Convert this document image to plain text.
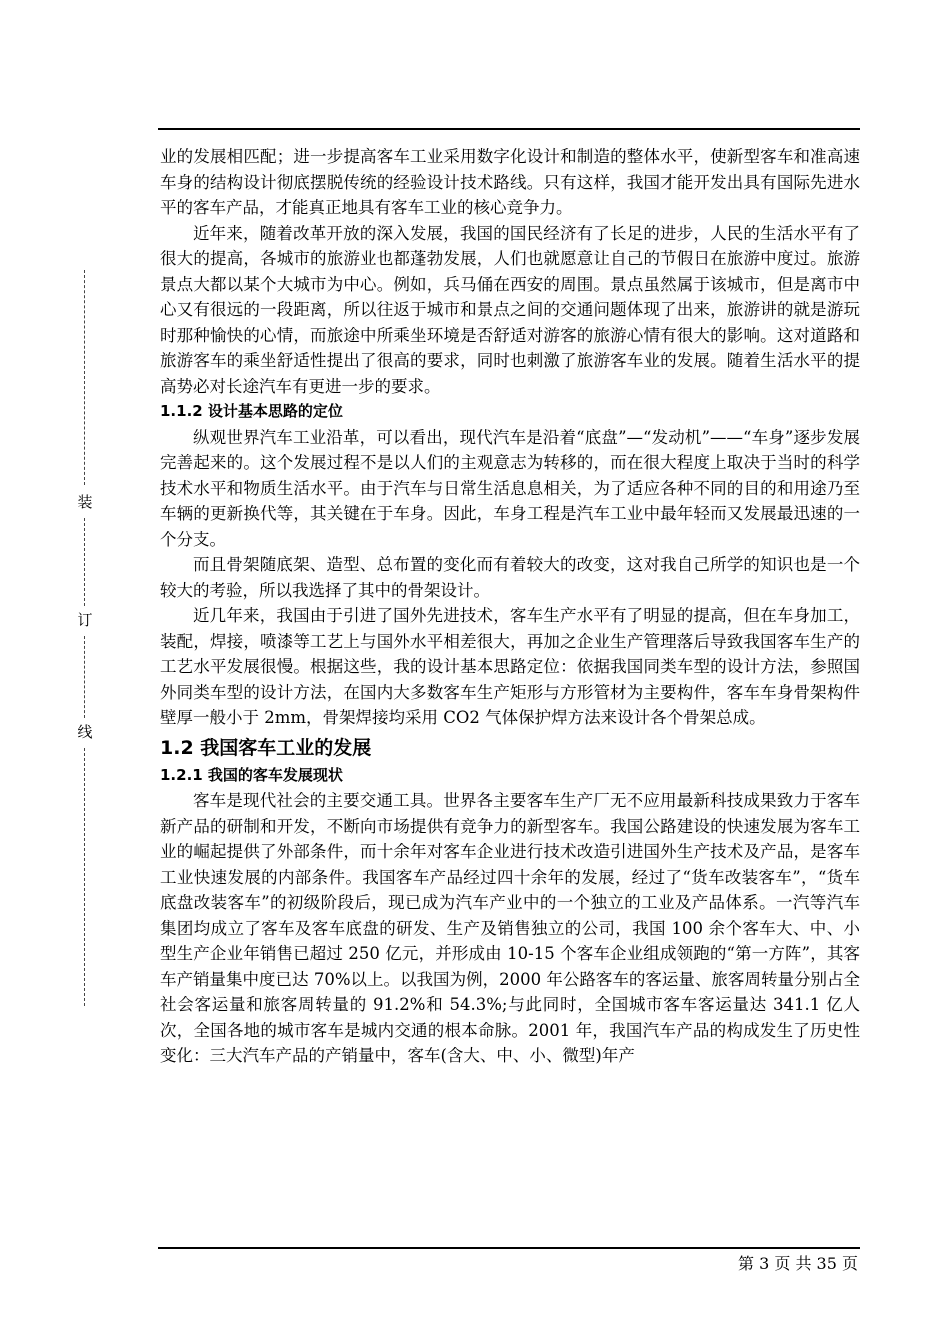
装
订
线

业的发展相匹配；进一步提高客车工业采用数字化设计和制造的整体水平，使新型客车和准高速车身的结构设计彻底摆脱传统的经验设计技术路线。只有这样，我国才能开发出具有国际先进水平的客车产品，才能真正地具有客车工业的核心竞争力。

近年来，随着改革开放的深入发展，我国的国民经济有了长足的进步，人民的生活水平有了很大的提高，各城市的旅游业也都蓬勃发展，人们也就愿意让自己的节假日在旅游中度过。旅游景点大都以某个大城市为中心。例如，兵马俑在西安的周围。景点虽然属于该城市，但是离市中心又有很远的一段距离，所以往返于城市和景点之间的交通问题体现了出来，旅游讲的就是游玩时那种愉快的心情，而旅途中所乘坐环境是否舒适对游客的旅游心情有很大的影响。这对道路和旅游客车的乘坐舒适性提出了很高的要求，同时也刺激了旅游客车业的发展。随着生活水平的提高势必对长途汽车有更进一步的要求。

1.1.2 设计基本思路的定位

纵观世界汽车工业沿革，可以看出，现代汽车是沿着“底盘”—“发动机”——“车身”逐步发展完善起来的。这个发展过程不是以人们的主观意志为转移的，而在很大程度上取决于当时的科学技术水平和物质生活水平。由于汽车与日常生活息息相关，为了适应各种不同的目的和用途乃至车辆的更新换代等，其关键在于车身。因此，车身工程是汽车工业中最年轻而又发展最迅速的一个分支。

而且骨架随底架、造型、总布置的变化而有着较大的改变，这对我自己所学的知识也是一个较大的考验，所以我选择了其中的骨架设计。

近几年来，我国由于引进了国外先进技术，客车生产水平有了明显的提高，但在车身加工，装配，焊接，喷漆等工艺上与国外水平相差很大，再加之企业生产管理落后导致我国客车生产的工艺水平发展很慢。根据这些，我的设计基本思路定位：依据我国同类车型的设计方法，参照国外同类车型的设计方法，在国内大多数客车生产矩形与方形管材为主要构件，客车车身骨架构件壁厚一般小于 2mm，骨架焊接均采用 CO2 气体保护焊方法来设计各个骨架总成。

1.2 我国客车工业的发展
1.2.1 我国的客车发展现状

客车是现代社会的主要交通工具。世界各主要客车生产厂无不应用最新科技成果致力于客车新产品的研制和开发，不断向市场提供有竞争力的新型客车。我国公路建设的快速发展为客车工业的崛起提供了外部条件，而十余年对客车企业进行技术改造引进国外生产技术及产品，是客车工业快速发展的内部条件。我国客车产品经过四十余年的发展，经过了“货车改装客车”，“货车底盘改装客车”的初级阶段后，现已成为汽车产业中的一个独立的工业及产品体系。一汽等汽车集团均成立了客车及客车底盘的研发、生产及销售独立的公司，我国 100 余个客车大、中、小型生产企业年销售已超过 250 亿元，并形成由 10-15 个客车企业组成领跑的“第一方阵”，其客车产销量集中度已达 70%以上。以我国为例，2000 年公路客车的客运量、旅客周转量分别占全社会客运量和旅客周转量的 91.2%和 54.3%;与此同时，全国城市客车客运量达 341.1 亿人次，全国各地的城市客车是城内交通的根本命脉。2001 年，我国汽车产品的构成发生了历史性变化：三大汽车产品的产销量中，客车(含大、中、小、微型)年产

第 3 页 共 35 页
